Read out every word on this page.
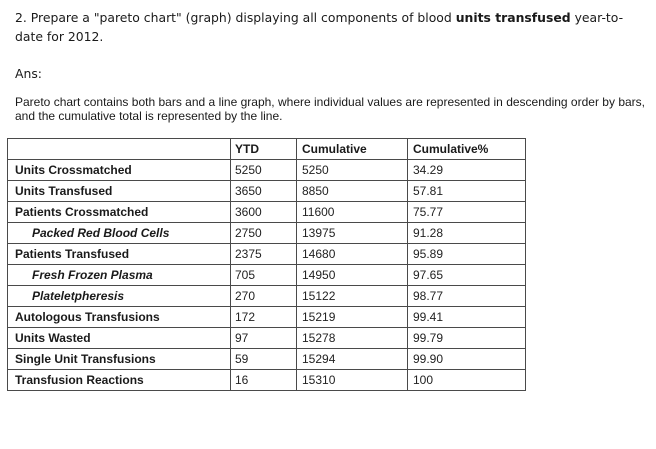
2. Prepare a "pareto chart" (graph) displaying all components of blood units transfused year-to-date for 2012.

Ans:

Pareto chart contains both bars and a line graph, where individual values are represented in descending order by bars, and the cumulative total is represented by the line.

	YTD	Cumulative	Cumulative%
Units Crossmatched	5250	5250	34.29
Units Transfused	3650	8850	57.81
Patients Crossmatched	3600	11600	75.77
Packed Red Blood Cells	2750	13975	91.28
Patients Transfused	2375	14680	95.89
Fresh Frozen Plasma	705	14950	97.65
Plateletpheresis	270	15122	98.77
Autologous Transfusions	172	15219	99.41
Units Wasted	97	15278	99.79
Single Unit Transfusions	59	15294	99.90
Transfusion Reactions	16	15310	100
